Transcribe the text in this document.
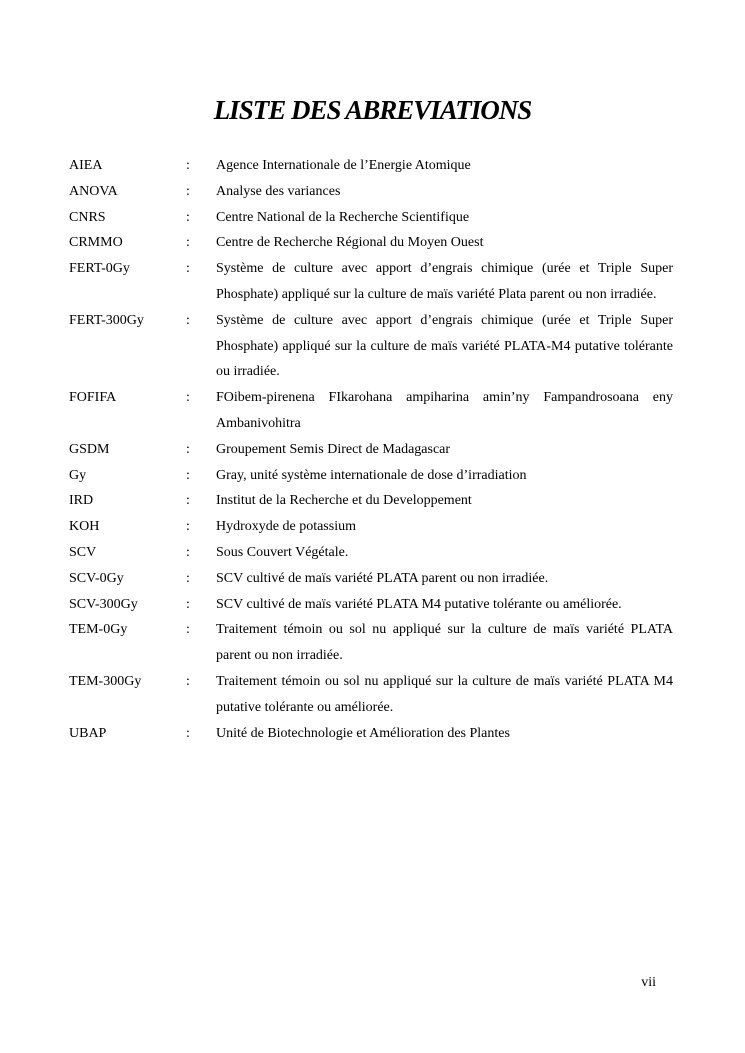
LISTE DES ABREVIATIONS
AIEA	:	Agence Internationale de l’Energie Atomique
ANOVA	:	Analyse des variances
CNRS	:	Centre National de la Recherche Scientifique
CRMMO	:	Centre de Recherche Régional du Moyen Ouest
FERT-0Gy	:	Système de culture avec apport d’engrais chimique (urée et Triple Super Phosphate) appliqué sur la culture de maïs variété Plata parent ou non irradiée.
FERT-300Gy	:	Système de culture avec apport d’engrais chimique (urée et Triple Super Phosphate) appliqué sur la culture de maïs variété PLATA-M4 putative tolérante ou irradiée.
FOFIFA	:	FOibem-pirenena FIkarohana ampiharina amin’ny Fampandrosoana eny Ambanivohitra
GSDM	:	Groupement Semis Direct de Madagascar
Gy	:	Gray, unité système internationale de dose d’irradiation
IRD	:	Institut de la Recherche et du Developpement
KOH	:	Hydroxyde de potassium
SCV	:	Sous Couvert Végétale.
SCV-0Gy	:	SCV cultivé de maïs variété PLATA parent ou non irradiée.
SCV-300Gy	:	SCV cultivé de maïs variété PLATA M4 putative tolérante ou améliorée.
TEM-0Gy	:	Traitement témoin ou sol nu appliqué sur la culture de maïs variété PLATA parent ou non irradiée.
TEM-300Gy	:	Traitement témoin ou sol nu appliqué sur la culture de maïs variété PLATA M4 putative tolérante ou améliorée.
UBAP	:	Unité de Biotechnologie et Amélioration des Plantes
vii
